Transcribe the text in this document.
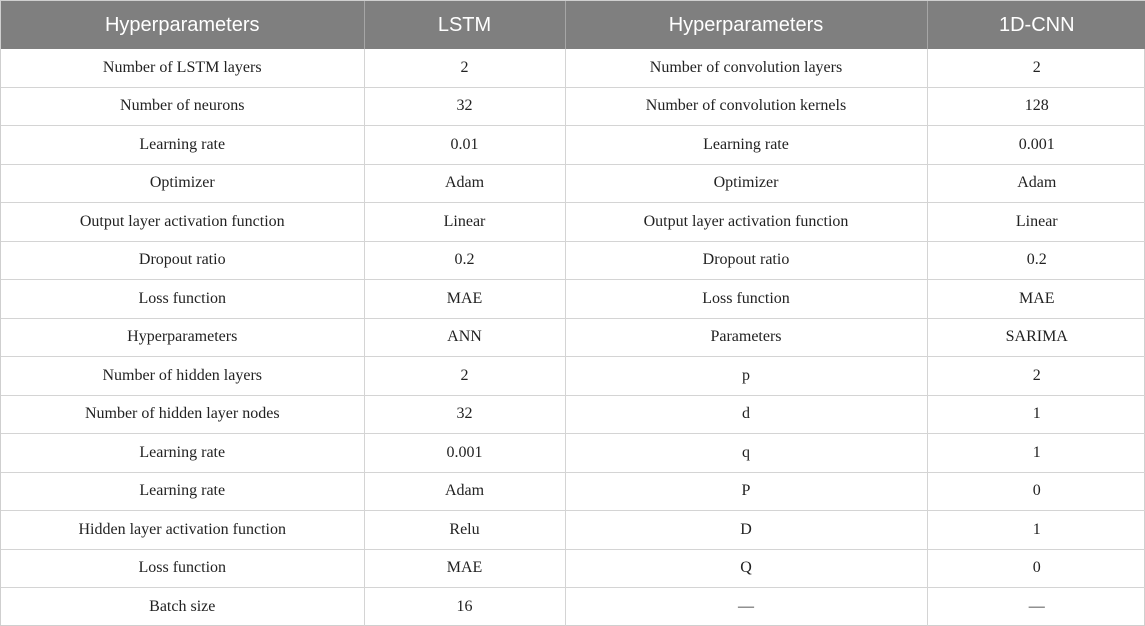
Hyperparameters	LSTM	Hyperparameters	1D-CNN
Number of LSTM layers	2	Number of convolution layers	2
Number of neurons	32	Number of convolution kernels	128
Learning rate	0.01	Learning rate	0.001
Optimizer	Adam	Optimizer	Adam
Output layer activation function	Linear	Output layer activation function	Linear
Dropout ratio	0.2	Dropout ratio	0.2
Loss function	MAE	Loss function	MAE
Hyperparameters	ANN	Parameters	SARIMA
Number of hidden layers	2	p	2
Number of hidden layer nodes	32	d	1
Learning rate	0.001	q	1
Learning rate	Adam	P	0
Hidden layer activation function	Relu	D	1
Loss function	MAE	Q	0
Batch size	16	—	—
